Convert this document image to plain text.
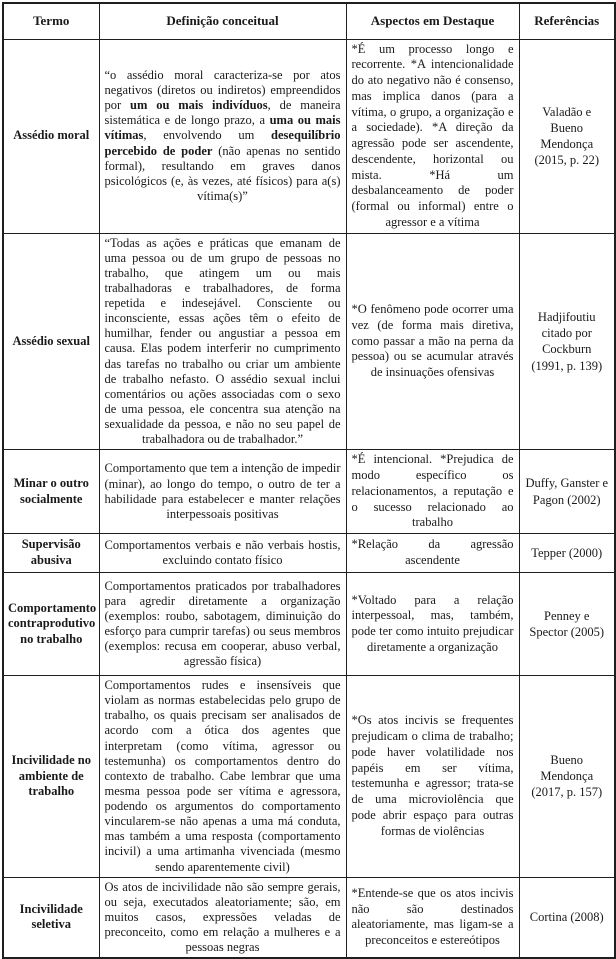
Termo	Definição conceitual	Aspectos em Destaque	Referências
Assédio moral	“o assédio moral caracteriza-se por atos negativos (diretos ou indiretos) empreendidos por um ou mais indivíduos, de maneira sistemática e de longo prazo, a uma ou mais vítimas, envolvendo um desequilíbrio percebido de poder (não apenas no sentido formal), resultando em graves danos psicológicos (e, às vezes, até físicos) para a(s) vítima(s)”	*É um processo longo e recorrente. *A intencionalidade do ato negativo não é consenso, mas implica danos (para a vítima, o grupo, a organização e a sociedade). *A direção da agressão pode ser ascendente, descendente, horizontal ou mista. *Há um desbalanceamento de poder (formal ou informal) entre o agressor e a vítima	Valadão e Bueno Mendonça (2015, p. 22)
Assédio sexual	“Todas as ações e práticas que emanam de uma pessoa ou de um grupo de pessoas no trabalho, que atingem um ou mais trabalhadoras e trabalhadores, de forma repetida e indesejável. Consciente ou inconsciente, essas ações têm o efeito de humilhar, fender ou angustiar a pessoa em causa. Elas podem interferir no cumprimento das tarefas no trabalho ou criar um ambiente de trabalho nefasto. O assédio sexual inclui comentários ou ações associadas com o sexo de uma pessoa, ele concentra sua atenção na sexualidade da pessoa, e não no seu papel de trabalhadora ou de trabalhador.”	*O fenômeno pode ocorrer uma vez (de forma mais diretiva, como passar a mão na perna da pessoa) ou se acumular através de insinuações ofensivas	Hadjifoutiu citado por Cockburn (1991, p. 139)
Minar o outro socialmente	Comportamento que tem a intenção de impedir (minar), ao longo do tempo, o outro de ter a habilidade para estabelecer e manter relações interpessoais positivas	*É intencional. *Prejudica de modo específico os relacionamentos, a reputação e o sucesso relacionado ao trabalho	Duffy, Ganster e Pagon (2002)
Supervisão abusiva	Comportamentos verbais e não verbais hostis, excluindo contato físico	*Relação da agressão ascendente	Tepper (2000)
Comportamento contraprodutivo no trabalho	Comportamentos praticados por trabalhadores para agredir diretamente a organização (exemplos: roubo, sabotagem, diminuição do esforço para cumprir tarefas) ou seus membros (exemplos: recusa em cooperar, abuso verbal, agressão física)	*Voltado para a relação interpessoal, mas, também, pode ter como intuito prejudicar diretamente a organização	Penney e Spector (2005)
Incivilidade no ambiente de trabalho	Comportamentos rudes e insensíveis que violam as normas estabelecidas pelo grupo de trabalho, os quais precisam ser analisados de acordo com a ótica dos agentes que interpretam (como vítima, agressor ou testemunha) os comportamentos dentro do contexto de trabalho. Cabe lembrar que uma mesma pessoa pode ser vítima e agressora, podendo os argumentos do comportamento vincularem-se não apenas a uma má conduta, mas também a uma resposta (comportamento incivil) a uma artimanha vivenciada (mesmo sendo aparentemente civil)	*Os atos incivis se frequentes prejudicam o clima de trabalho; pode haver volatilidade nos papéis em ser vítima, testemunha e agressor; trata-se de uma microviolência que pode abrir espaço para outras formas de violências	Bueno Mendonça (2017, p. 157)
Incivilidade seletiva	Os atos de incivilidade não são sempre gerais, ou seja, executados aleatoriamente; são, em muitos casos, expressões veladas de preconceito, como em relação a mulheres e a pessoas negras	*Entende-se que os atos incivis não são destinados aleatoriamente, mas ligam-se a preconceitos e estereótipos	Cortina (2008)
